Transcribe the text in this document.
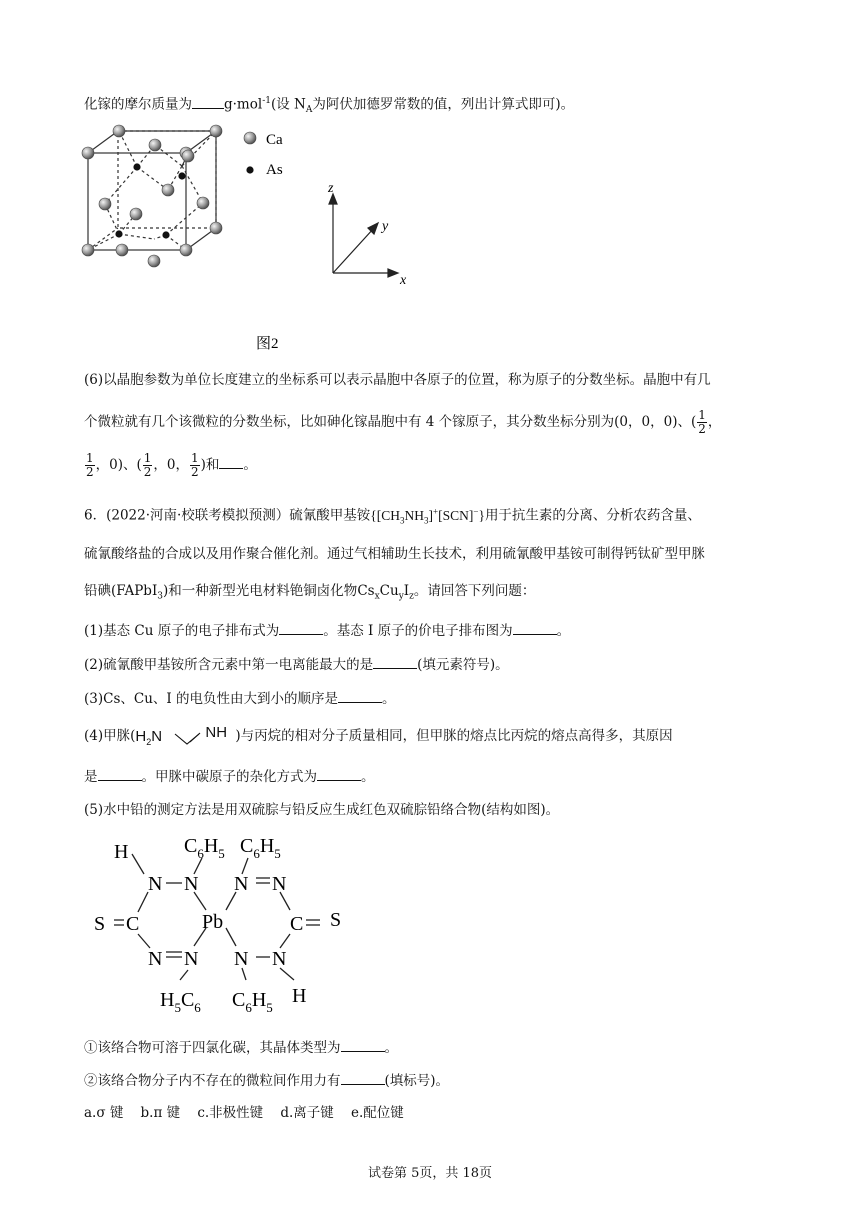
化镓的摩尔质量为 g·mol$^{-1}$(设 $N_A$为阿伏加德罗常数的值，列出计算式即可)。
Ca
As
z
y
x
图2
(6)以晶胞参数为单位长度建立的坐标系可以表示晶胞中各原子的位置，称为原子的分数坐标。晶胞中有几
个微粒就有几个该微粒的分数坐标，比如砷化镓晶胞中有 4 个镓原子，其分数坐标分别为(0，0，0)、( $\frac{1}{2}$ ，
$\frac{1}{2}$ ，0)、( $\frac{1}{2}$ ，0， $\frac{1}{2}$ )和 。
6．(2022·河南·校联考模拟预测）硫氰酸甲基铵$\{[CH_3NH_3]^+[SCN]^-\}$用于抗生素的分离、分析农药含量、
硫氰酸络盐的合成以及用作聚合催化剂。通过气相辅助生长技术，利用硫氰酸甲基铵可制得钙钛矿型甲脒
铅碘(FAPbI$_3$)和一种新型光电材料铯铜卤化物$Cs_xCu_yI_z$。请回答下列问题：
(1)基态 Cu 原子的电子排布式为	。基态 I 原子的价电子排布图为	。
(2)硫氰酸甲基铵所含元素中第一电离能最大的是	(填元素符号)。
(3)Cs、Cu、I 的电负性由大到小的顺序是	。
(4)甲脒( $H_2N$	NH )与丙烷的相对分子质量相同，但甲脒的熔点比丙烷的熔点高得多，其原因
是	。甲脒中碳原子的杂化方式为	。
(5)水中铅的测定方法是用双硫腙与铅反应生成红色双硫腙铅络合物(结构如图)。
H	$C_6H_5$ $C_6H_5$
N N N N
S C	Pb	C S
N N N N
$H_5C_6$ $C_6H_5$
H
①该络合物可溶于四氯化碳，其晶体类型为	。
②该络合物分子内不存在的微粒间作用力有	(填标号)。
a.σ 键 b.π 键 c.非极性键 d.离子键 e.配位键
试卷第 5页，共 18页
